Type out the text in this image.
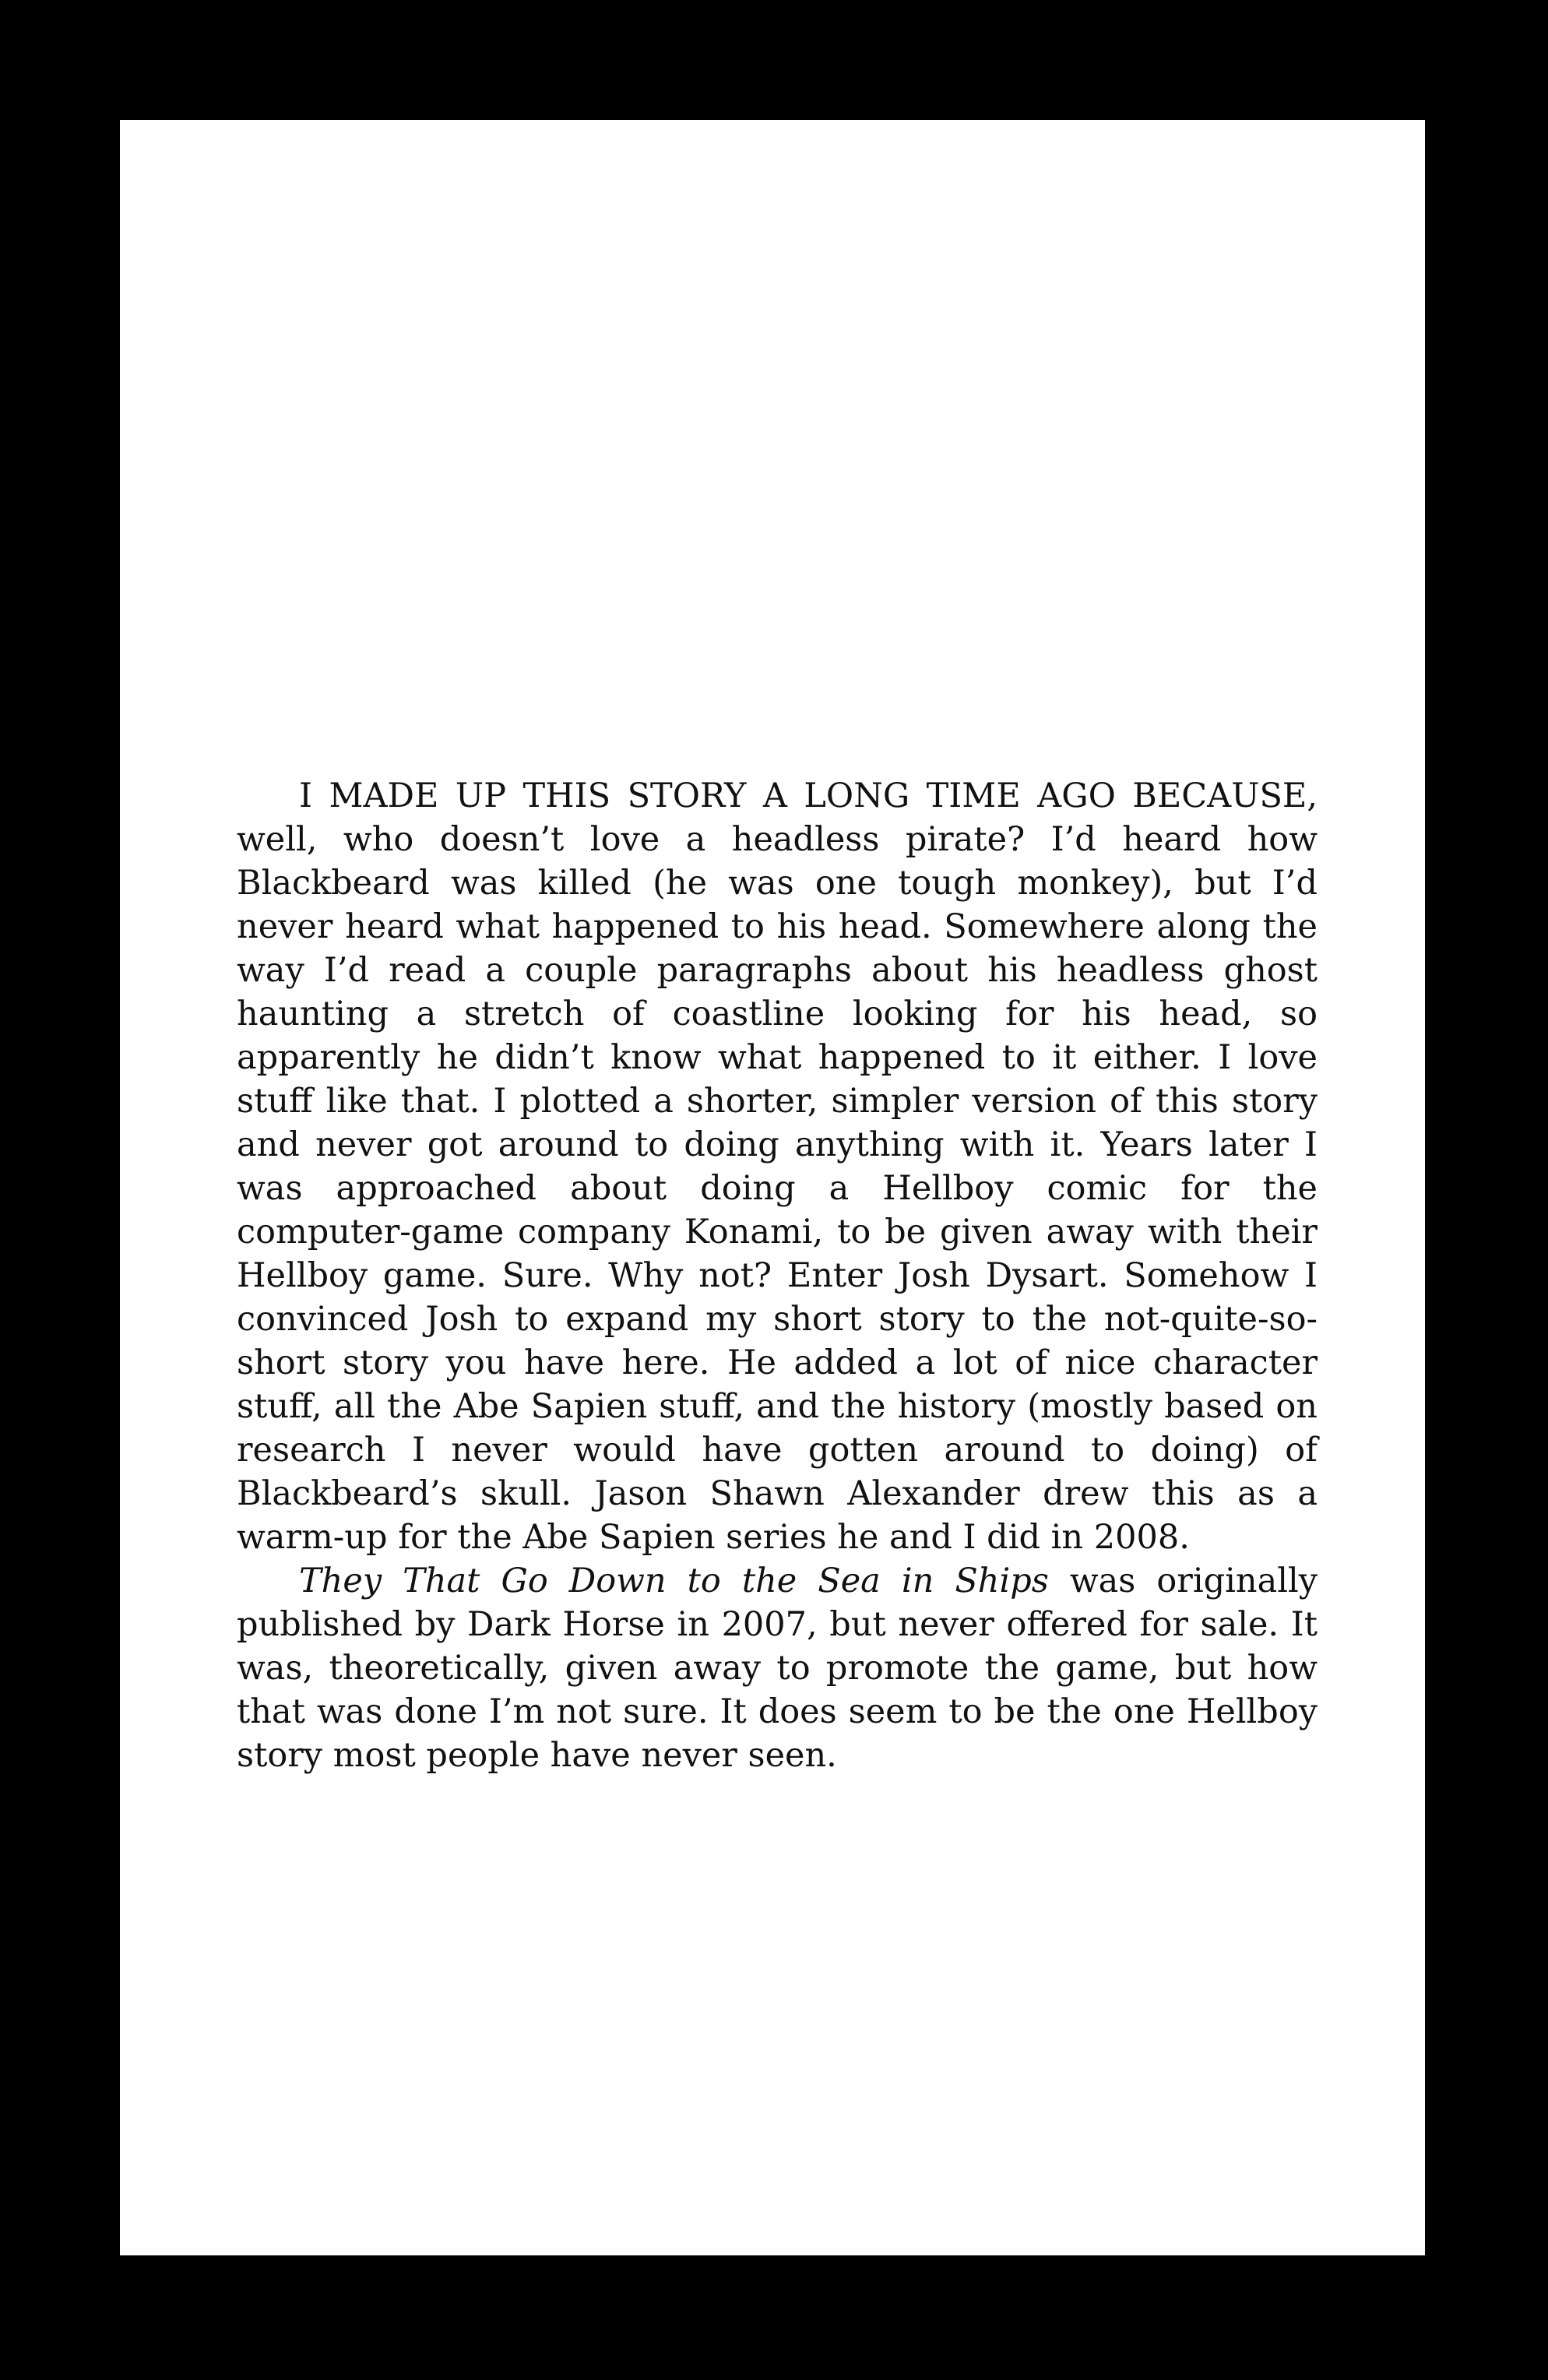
I MADE UP THIS STORY A LONG TIME AGO BECAUSE, well, who doesn’t love a headless pirate? I’d heard how Blackbeard was killed (he was one tough monkey), but I’d never heard what happened to his head. Somewhere along the way I’d read a couple paragraphs about his headless ghost haunting a stretch of coastline looking for his head, so apparently he didn’t know what happened to it either. I love stuff like that. I plotted a shorter, simpler version of this story and never got around to doing anything with it. Years later I was approached about doing a Hellboy comic for the computer-game company Konami, to be given away with their Hellboy game. Sure. Why not? Enter Josh Dysart. Somehow I convinced Josh to expand my short story to the not-quite-so-short story you have here. He added a lot of nice character stuff, all the Abe Sapien stuff, and the history (mostly based on research I never would have gotten around to doing) of Blackbeard’s skull. Jason Shawn Alexander drew this as a warm-up for the Abe Sapien series he and I did in 2008.

They That Go Down to the Sea in Ships was originally published by Dark Horse in 2007, but never offered for sale. It was, theoretically, given away to promote the game, but how that was done I’m not sure. It does seem to be the one Hellboy story most people have never seen.
